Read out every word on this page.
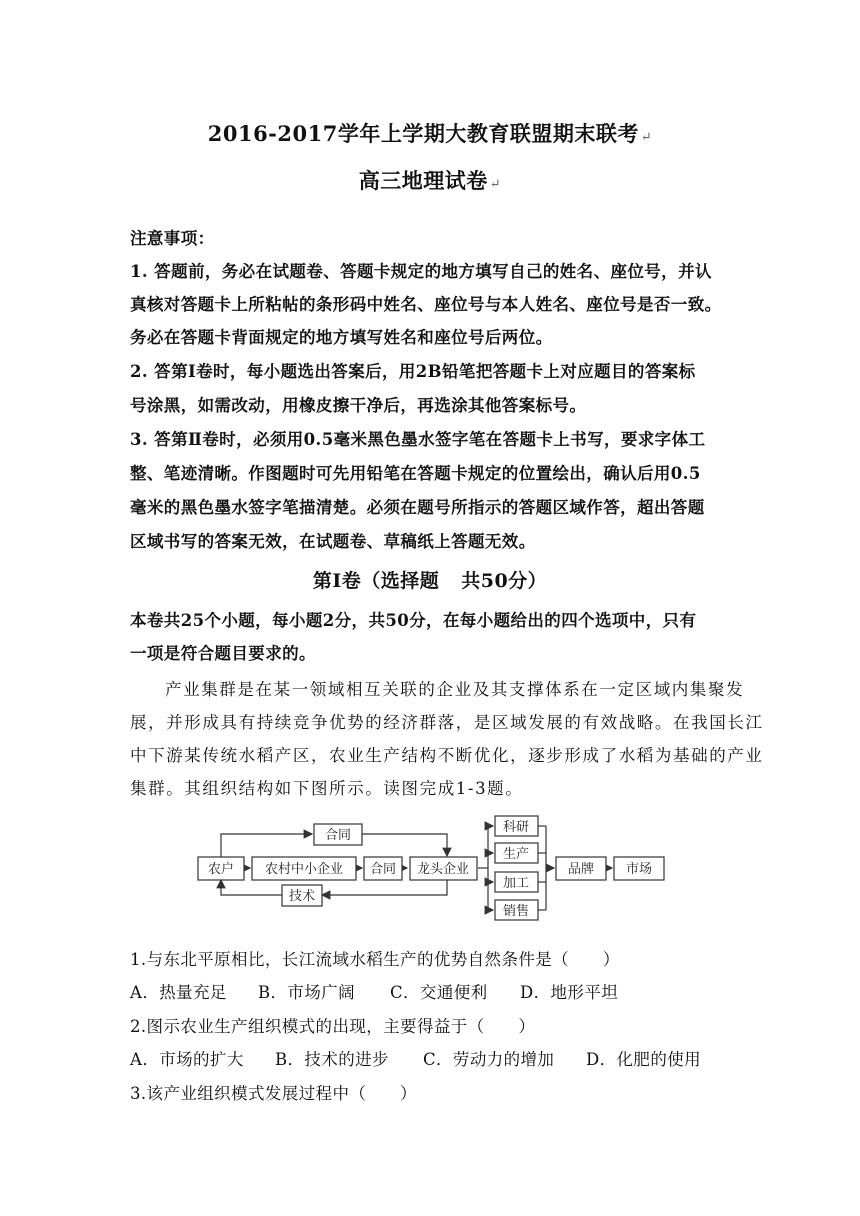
2016-2017学年上学期大教育联盟期末联考 ↵
高三地理试卷 ↵
注意事项：
1. 答题前，务必在试题卷、答题卡规定的地方填写自己的姓名、座位号，并认
真核对答题卡上所粘帖的条形码中姓名、座位号与本人姓名、座位号是否一致。
务必在答题卡背面规定的地方填写姓名和座位号后两位。
2. 答第Ⅰ卷时，每小题选出答案后，用2B铅笔把答题卡上对应题目的答案标
号涂黑，如需改动，用橡皮擦干净后，再选涂其他答案标号。
3. 答第Ⅱ卷时，必须用0.5毫米黑色墨水签字笔在答题卡上书写，要求字体工
整、笔迹清晰。作图题时可先用铅笔在答题卡规定的位置绘出，确认后用0.5
毫米的黑色墨水签字笔描清楚。必须在题号所指示的答题区域作答，超出答题
区域书写的答案无效，在试题卷、草稿纸上答题无效。
第Ⅰ卷（选择题 共50分）
本卷共25个小题，每小题2分，共50分，在每小题给出的四个选项中，只有
一项是符合题目要求的。
产业集群是在某一领域相互关联的企业及其支撑体系在一定区域内集聚发
展，并形成具有持续竞争优势的经济群落，是区域发展的有效战略。在我国长江
中下游某传统水稻产区，农业生产结构不断优化，逐步形成了水稻为基础的产业
集群。其组织结构如下图所示。读图完成1-3题。
农户 农村中小企业
合同
合同 龙头企业
技术
科研
生产
加工
销售
品牌 市场
1.与东北平原相比，长江流域水稻生产的优势自然条件是（　　）
A．热量充足 B．市场广阔 C．交通便利 D．地形平坦
2.图示农业生产组织模式的出现，主要得益于（　　）
A．市场的扩大 B．技术的进步 C．劳动力的增加 D．化肥的使用
3.该产业组织模式发展过程中（　　）
